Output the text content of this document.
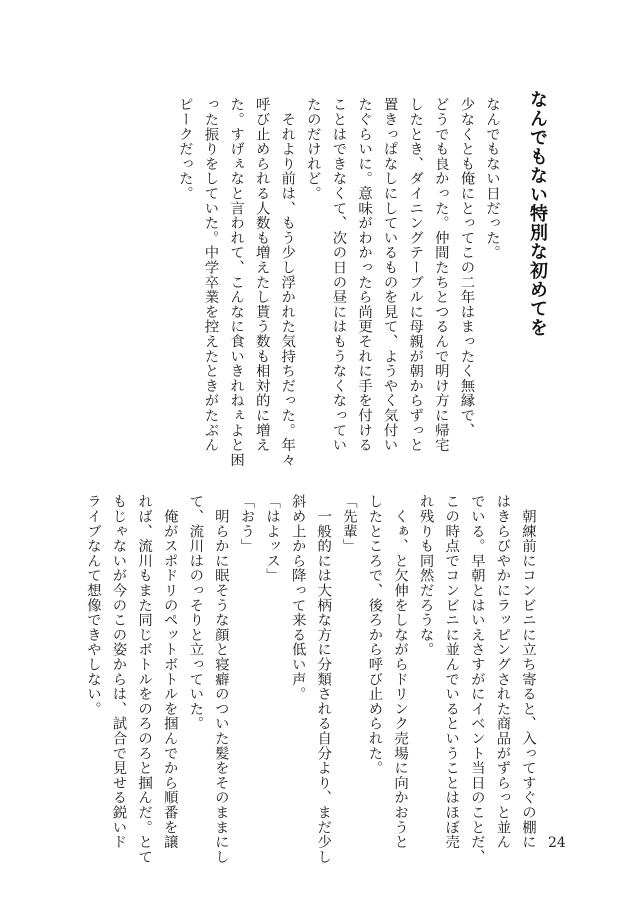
なんでもない特別な初めてを
なんでもない日だった。
少なくとも俺にとってこの二年はまったく無縁で、
どうでも良かった。仲間たちとつるんで明け方に帰宅
したとき、ダイニングテーブルに母親が朝からずっと
置きっぱなしにしているものを見て、ようやく気付い
たぐらいに。意味がわかったら尚更それに手を付ける
ことはできなくて、次の日の昼にはもうなくなってい
たのだけれど。
　それより前は、もう少し浮かれた気持ちだった。年々
呼び止められる人数も増えたし貰う数も相対的に増え
た。すげぇなと言われて、こんなに食いきれねぇよと困
った振りをしていた。中学卒業を控えたときがたぶん
ピークだった。
　朝練前にコンビニに立ち寄ると、入ってすぐの棚に
はきらびやかにラッピングされた商品がずらっと並ん
でいる。早朝とはいえさすがにイベント当日のことだ、
この時点でコンビニに並んでいるということはほぼ売
れ残りも同然だろうな。
　くぁ、と欠伸をしながらドリンク売場に向かおうと
したところで、後ろから呼び止められた。
「先輩」
　一般的には大柄な方に分類される自分より、まだ少し
斜め上から降って来る低い声。
「はよッス」
「おう」
　明らかに眠そうな顔と寝癖のついた髪をそのままにし
て、流川はのっそりと立っていた。
　俺がスポドリのペットボトルを掴んでから順番を譲
れば、流川もまた同じボトルをのろのろと掴んだ。とて
もじゃないが今のこの姿からは、試合で見せる鋭いド
ライブなんて想像できやしない。
24
